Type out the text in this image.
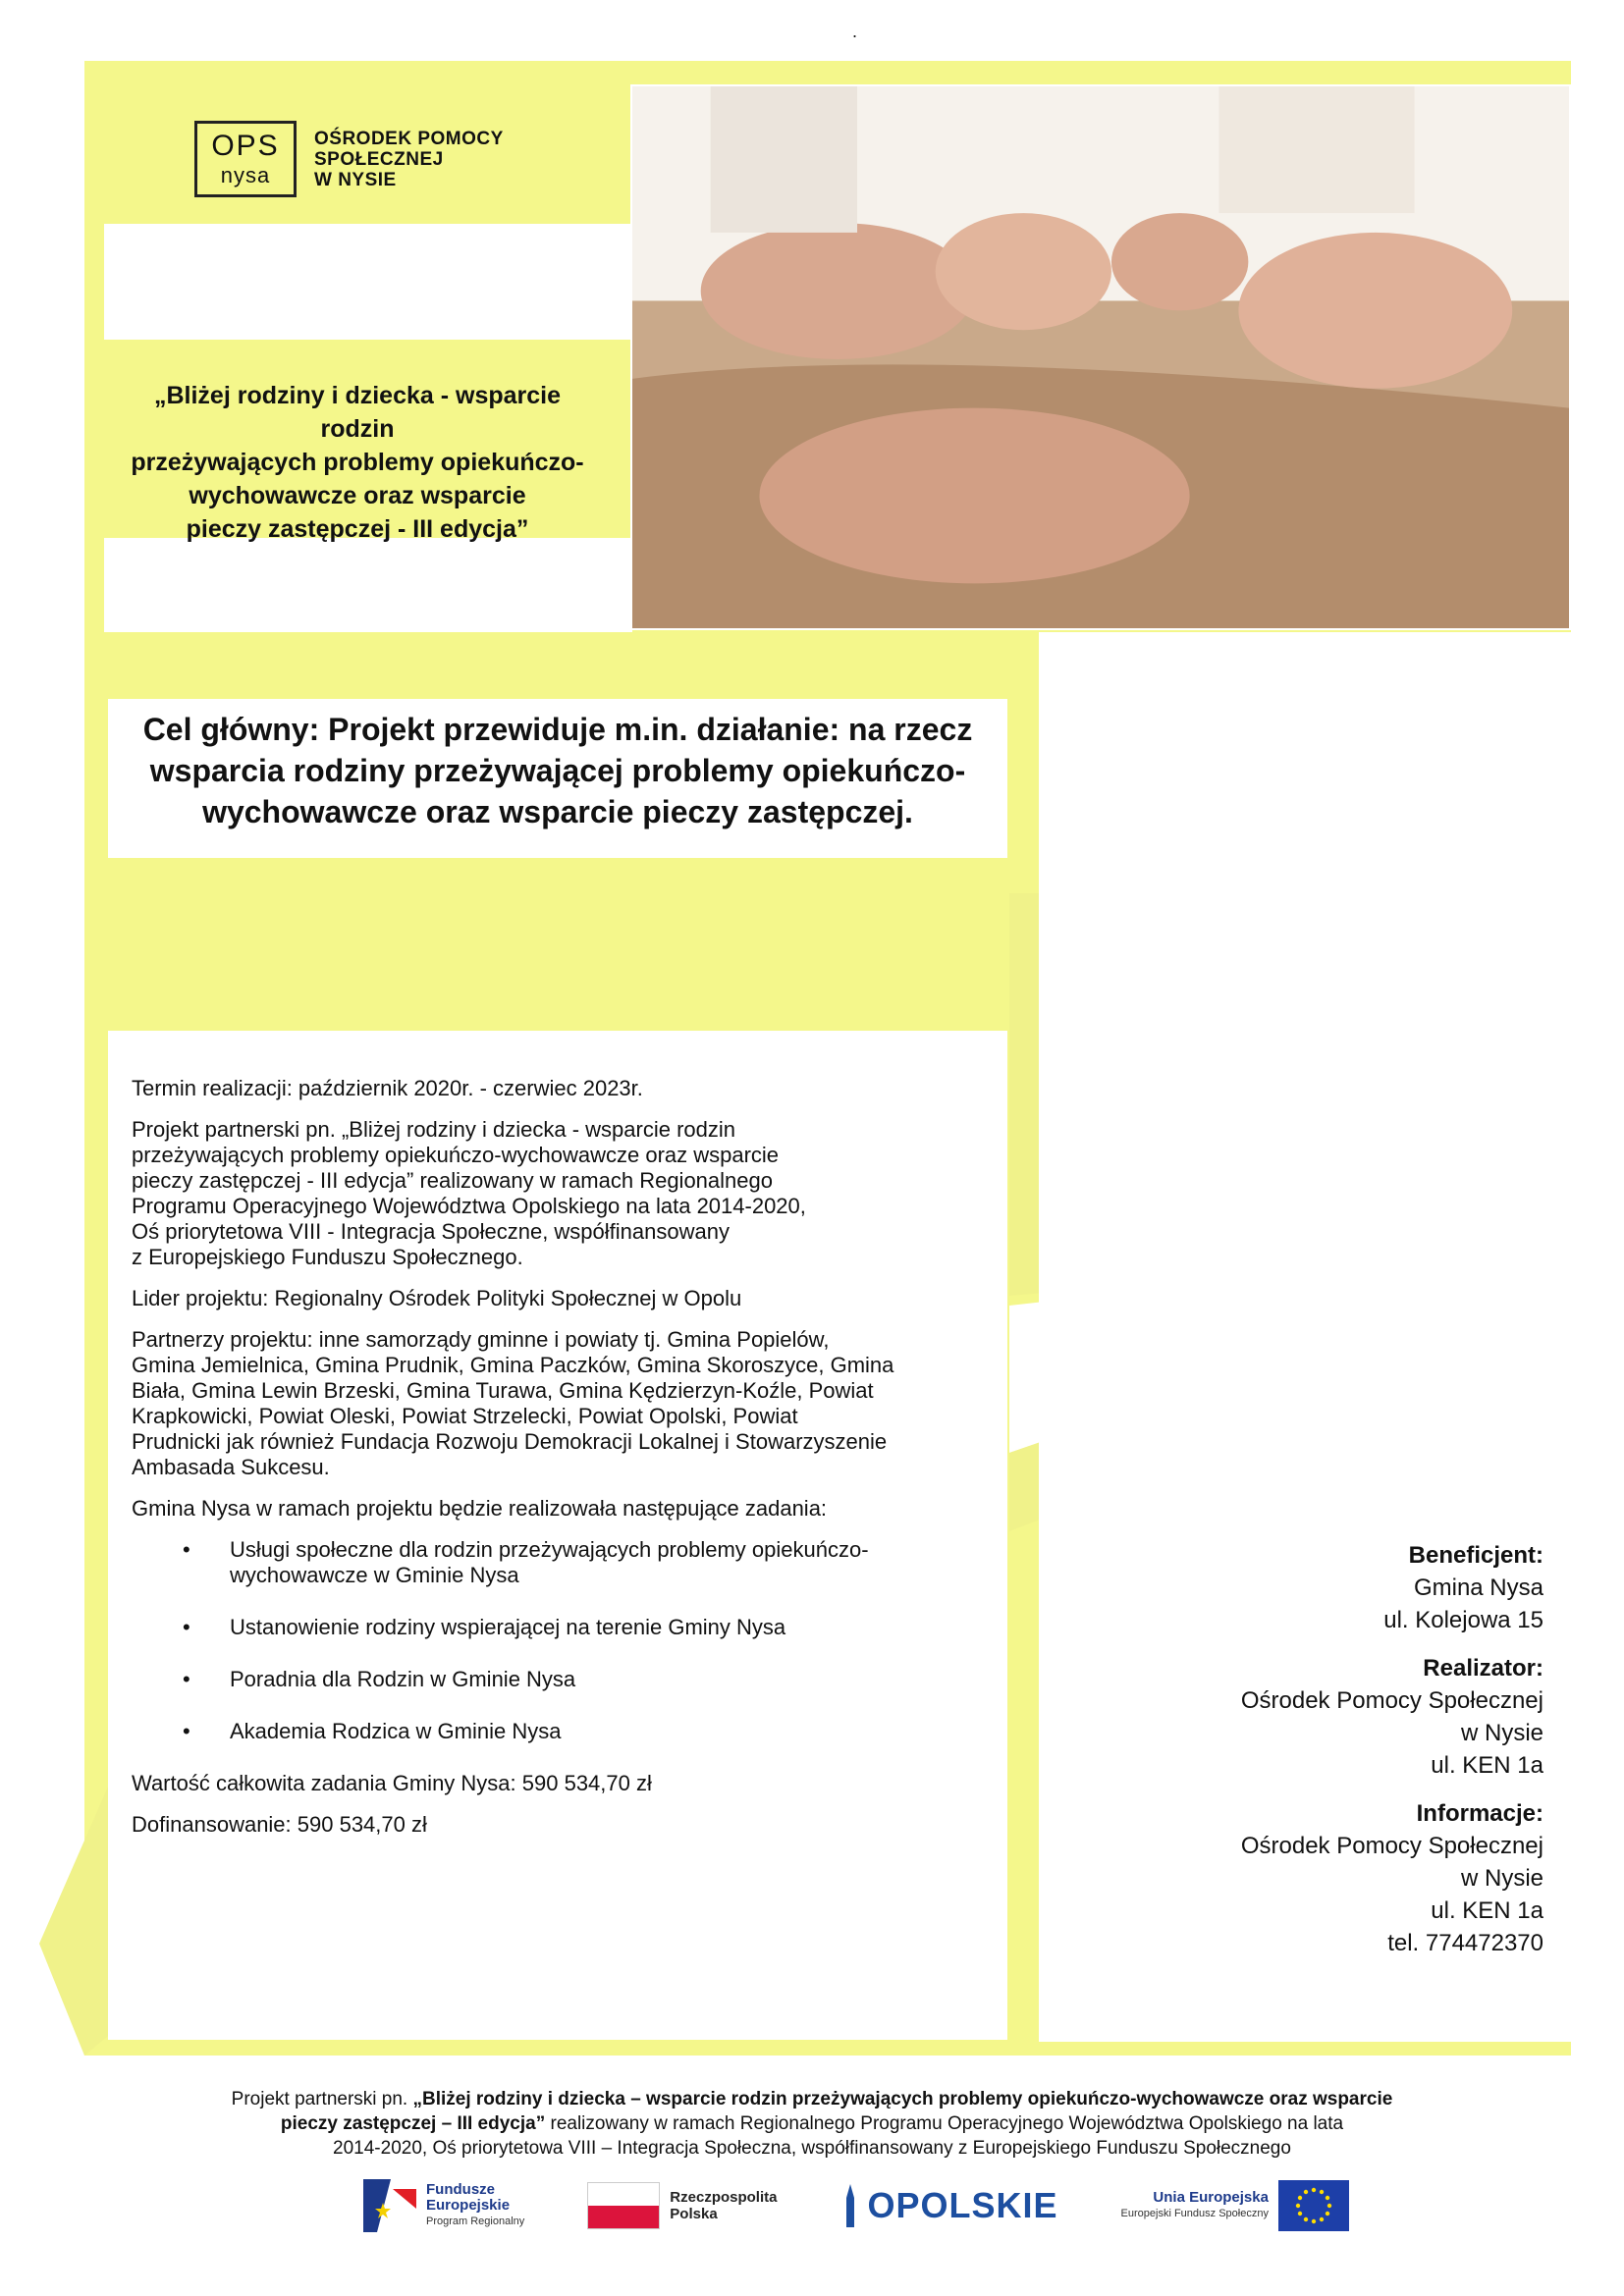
.
OPS
nysa
OŚRODEK POMOCY
SPOŁECZNEJ
W NYSIE
„Bliżej rodziny i dziecka - wsparcie
rodzin
przeżywających problemy opiekuńczo-
wychowawcze oraz wsparcie
pieczy zastępczej - III edycja”
Cel główny: Projekt przewiduje m.in. działanie: na rzecz
wsparcia rodziny przeżywającej problemy opiekuńczo-
wychowawcze oraz wsparcie pieczy zastępczej.

Termin realizacji: październik 2020r. - czerwiec 2023r.

Projekt partnerski pn. „Bliżej rodziny i dziecka - wsparcie rodzin
przeżywających problemy opiekuńczo-wychowawcze oraz wsparcie
pieczy zastępczej - III edycja” realizowany w ramach Regionalnego
Programu Operacyjnego Województwa Opolskiego na lata 2014-2020,
Oś priorytetowa VIII - Integracja Społeczne, współfinansowany
z Europejskiego Funduszu Społecznego.

Lider projektu: Regionalny Ośrodek Polityki Społecznej w Opolu

Partnerzy projektu: inne samorządy gminne i powiaty tj. Gmina Popielów,
Gmina Jemielnica, Gmina Prudnik, Gmina Paczków, Gmina Skoroszyce, Gmina
Biała, Gmina Lewin Brzeski, Gmina Turawa, Gmina Kędzierzyn-Koźle, Powiat
Krapkowicki, Powiat Oleski, Powiat Strzelecki, Powiat Opolski, Powiat
Prudnicki jak również Fundacja Rozwoju Demokracji Lokalnej i Stowarzyszenie
Ambasada Sukcesu.

Gmina Nysa w ramach projektu będzie realizowała następujące zadania:

• Usługi społeczne dla rodzin przeżywających problemy opiekuńczo-
wychowawcze w Gminie Nysa
• Ustanowienie rodziny wspierającej na terenie Gminy Nysa
• Poradnia dla Rodzin w Gminie Nysa
• Akademia Rodzica w Gminie Nysa

Wartość całkowita zadania Gminy Nysa: 590 534,70 zł

Dofinansowanie: 590 534,70 zł

Beneficjent:
Gmina Nysa
ul. Kolejowa 15
Realizator:
Ośrodek Pomocy Społecznej
w Nysie
ul. KEN 1a
Informacje:
Ośrodek Pomocy Społecznej
w Nysie
ul. KEN 1a
tel. 774472370
Projekt partnerski pn. „Bliżej rodziny i dziecka – wsparcie rodzin przeżywających problemy opiekuńczo-wychowawcze oraz wsparcie
pieczy zastępczej – III edycja” realizowany w ramach Regionalnego Programu Operacyjnego Województwa Opolskiego na lata
2014-2020, Oś priorytetowa VIII – Integracja Społeczna, współfinansowany z Europejskiego Funduszu Społecznego
Fundusze
Europejskie
Program Regionalny
Rzeczpospolita
Polska	OPOLSKIE	Unia Europejska
Europejski Fundusz Społeczny
